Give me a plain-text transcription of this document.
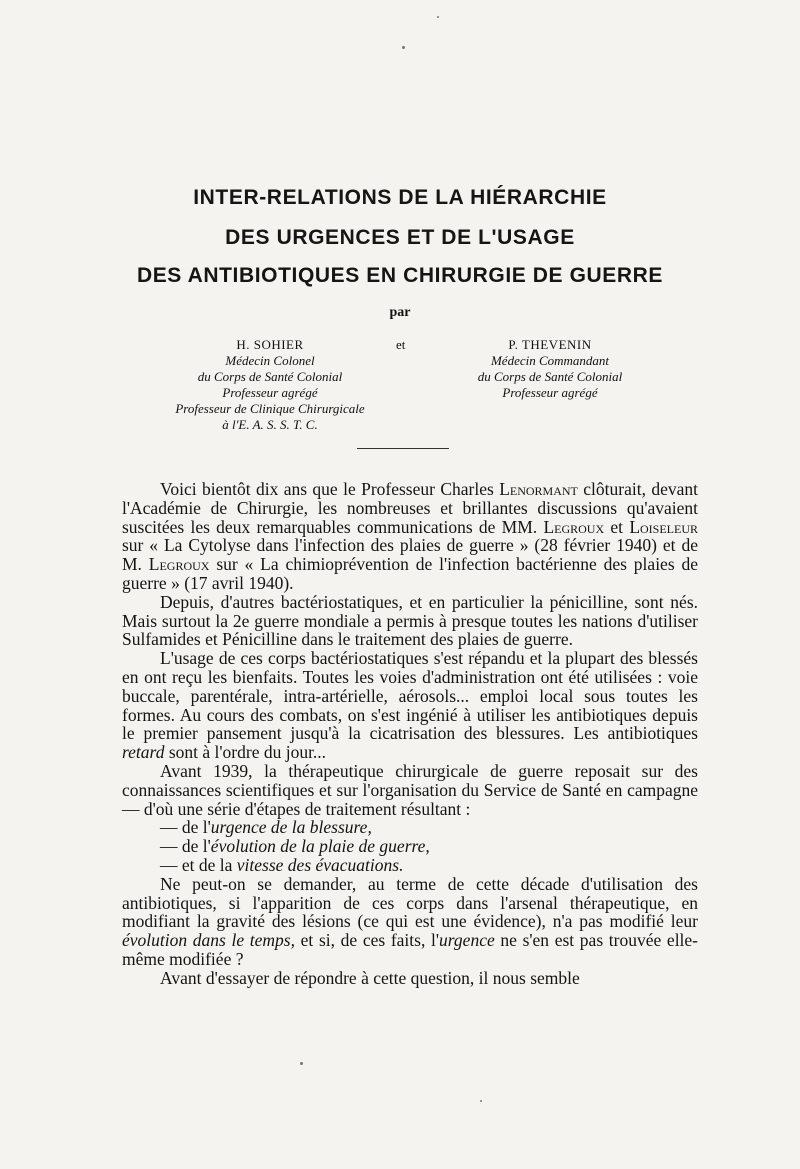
INTER-RELATIONS DE LA HIÉRARCHIE
DES URGENCES ET DE L'USAGE
DES ANTIBIOTIQUES EN CHIRURGIE DE GUERRE
par
H. SOHIER
Médecin Colonel
du Corps de Santé Colonial
Professeur agrégé
Professeur de Clinique Chirurgicale
à l'E. A. S. S. T. C.
et	P. THEVENIN
Médecin Commandant
du Corps de Santé Colonial
Professeur agrégé

Voici bientôt dix ans que le Professeur Charles Lenormant clôturait, devant l'Académie de Chirurgie, les nombreuses et brillantes discussions qu'avaient suscitées les deux remarquables communications de MM. Legroux et Loiseleur sur « La Cytolyse dans l'infection des plaies de guerre » (28 février 1940) et de M. Legroux sur « La chimioprévention de l'infection bactérienne des plaies de guerre » (17 avril 1940).

Depuis, d'autres bactériostatiques, et en particulier la pénicilline, sont nés. Mais surtout la 2e guerre mondiale a permis à presque toutes les nations d'utiliser Sulfamides et Pénicilline dans le traitement des plaies de guerre.

L'usage de ces corps bactériostatiques s'est répandu et la plupart des blessés en ont reçu les bienfaits. Toutes les voies d'administration ont été utilisées : voie buccale, parentérale, intra-artérielle, aérosols... emploi local sous toutes les formes. Au cours des combats, on s'est ingénié à utiliser les antibiotiques depuis le premier pansement jusqu'à la cicatrisation des blessures. Les antibiotiques retard sont à l'ordre du jour...

Avant 1939, la thérapeutique chirurgicale de guerre reposait sur des connaissances scientifiques et sur l'organisation du Service de Santé en campagne — d'où une série d'étapes de traitement résultant :

— de l'urgence de la blessure,
— de l'évolution de la plaie de guerre,
— et de la vitesse des évacuations.

Ne peut-on se demander, au terme de cette décade d'utilisation des antibiotiques, si l'apparition de ces corps dans l'arsenal thérapeutique, en modifiant la gravité des lésions (ce qui est une évidence), n'a pas modifié leur évolution dans le temps, et si, de ces faits, l'urgence ne s'en est pas trouvée elle-même modifiée ?

Avant d'essayer de répondre à cette question, il nous semble
